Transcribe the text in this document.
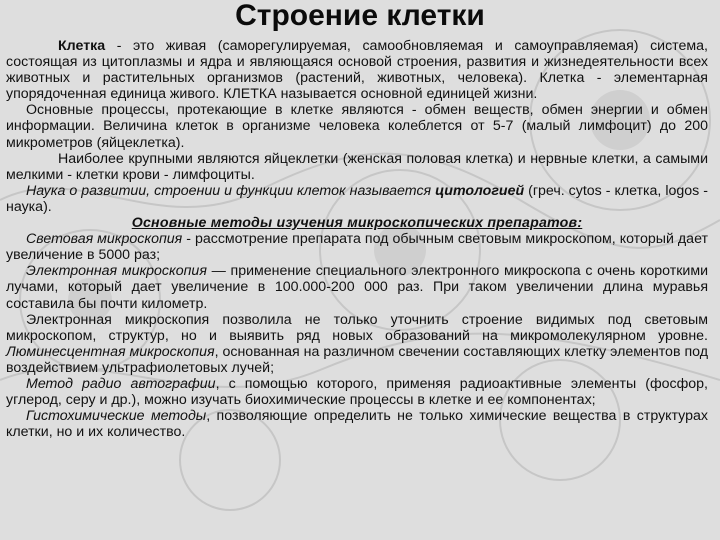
Строение клетки

Клетка - это живая (саморегулируемая, самообновляемая и самоуправляемая) система, состоящая из цитоплазмы и ядра и являющаяся основой строения, развития и жизнедеятельности всех животных и растительных организмов (растений, животных, человека). Клетка - элементарная упорядоченная единица живого. КЛЕТКА называется основной единицей жизни.

Основные процессы, протекающие в клетке являются - обмен веществ, обмен энергии и обмен информации. Величина клеток в организме человека колеблется от 5-7 (малый лимфоцит) до 200 микрометров (яйцеклетка).

Наиболее крупными являются яйцеклетки (женская половая клетка) и нервные клетки, а самыми мелкими - клетки крови - лимфоциты.

Наука о развитии, строении и функции клеток называется цитологией (греч. cytos - клетка, logos - наука).

Основные методы изучения микроскопических препаратов:

Световая микроскопия - рассмотрение препарата под обычным световым микроскопом, который дает увеличение в 5000 раз;

Электронная микроскопия — применение специального электронного микроскопа с очень короткими лучами, который дает увеличение в 100.000-200 000 раз. При таком увеличении длина муравья составила бы почти километр.

Электронная микроскопия позволила не только уточнить строение видимых под световым микроскопом, структур, но и выявить ряд новых образований на микромолекулярном уровне. Люминесцентная микроскопия, основанная на различном свечении составляющих клетку элементов под воздействием ультрафиолетовых лучей;

Метод радио автографии, с помощью которого, применяя радиоактивные элементы (фосфор, углерод, серу и др.), можно изучать биохимические процессы в клетке и ее компонентах;

Гистохимические методы, позволяющие определить не только химические вещества в структурах клетки, но и их количество.
